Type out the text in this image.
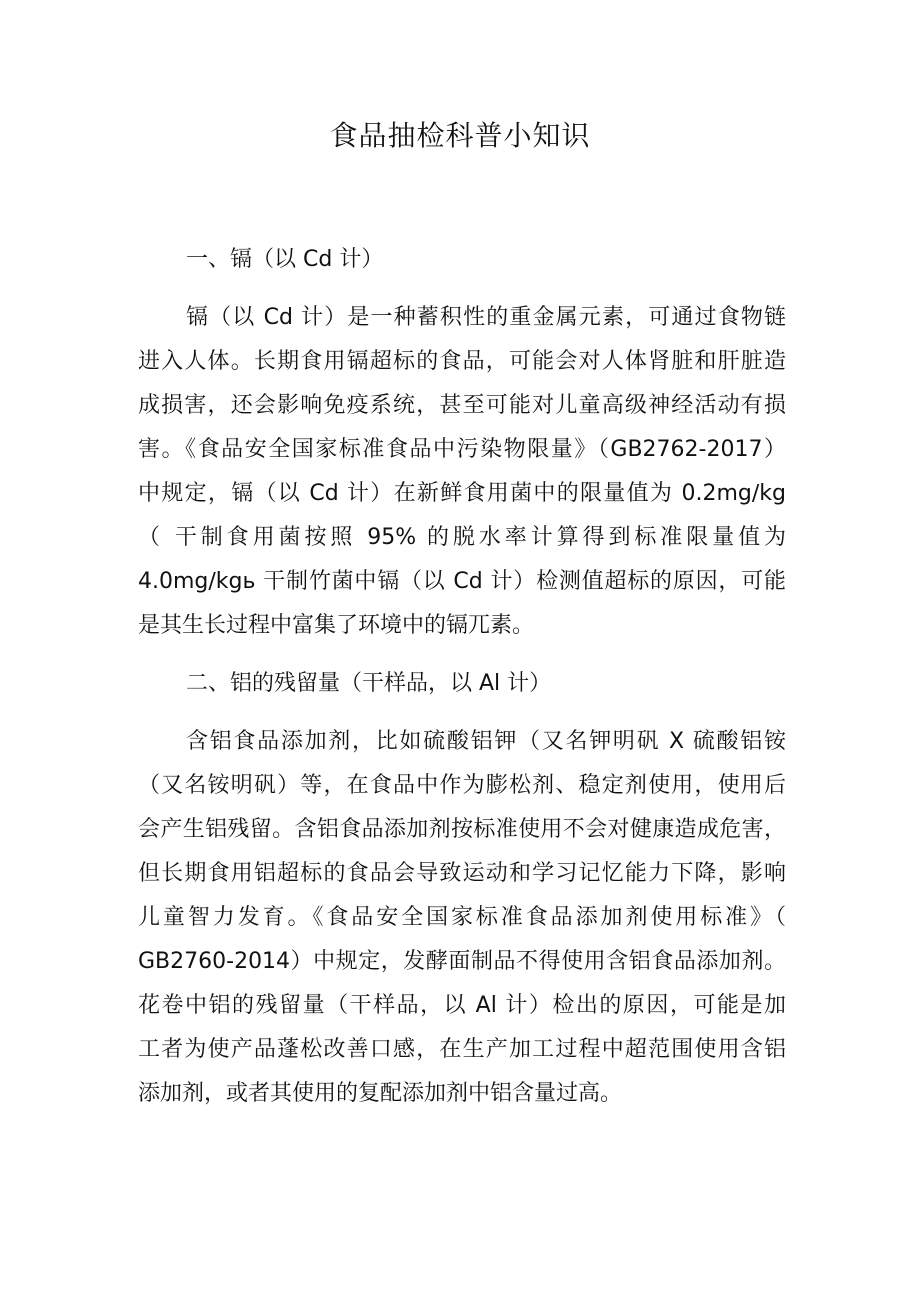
食品抽检科普小知识
一、镉（以 Cd 计）

镉（以 Cd 计）是一种蓄积性的重金属元素，可通过食物链
进入人体。长期食用镉超标的食品，可能会对人体肾脏和肝脏造
成损害，还会影响免疫系统，甚至可能对儿童高级神经活动有损
害。《食品安全国家标准食品中污染物限量》（GB2762-2017）
中规定，镉（以 Cd 计）在新鲜食用菌中的限量值为 0.2mg∕kg
（ 干制食用菌按照 95% 的脱水率计算得到标准限量值为
4.0mg∕kgь 干制竹菌中镉（以 Cd 计）检测值超标的原因，可能
是其生长过程中富集了环境中的镉兀素。

二、铝的残留量（干样品，以 Al 计）

含铝食品添加剂，比如硫酸铝钾（又名钾明矾 X 硫酸铝铵
（又名铵明矾）等，在食品中作为膨松剂、稳定剂使用，使用后
会产生铝残留。含铝食品添加剂按标准使用不会对健康造成危害，
但长期食用铝超标的食品会导致运动和学习记忆能力下降，影响
儿童智力发育。《食品安全国家标准食品添加剂使用标准》（
GB2760-2014）中规定，发酵面制品不得使用含铝食品添加剂。
花卷中铝的残留量（干样品，以 Al 计）检出的原因，可能是加
工者为使产品蓬松改善口感，在生产加工过程中超范围使用含铝
添加剂，或者其使用的复配添加剂中铝含量过高。
